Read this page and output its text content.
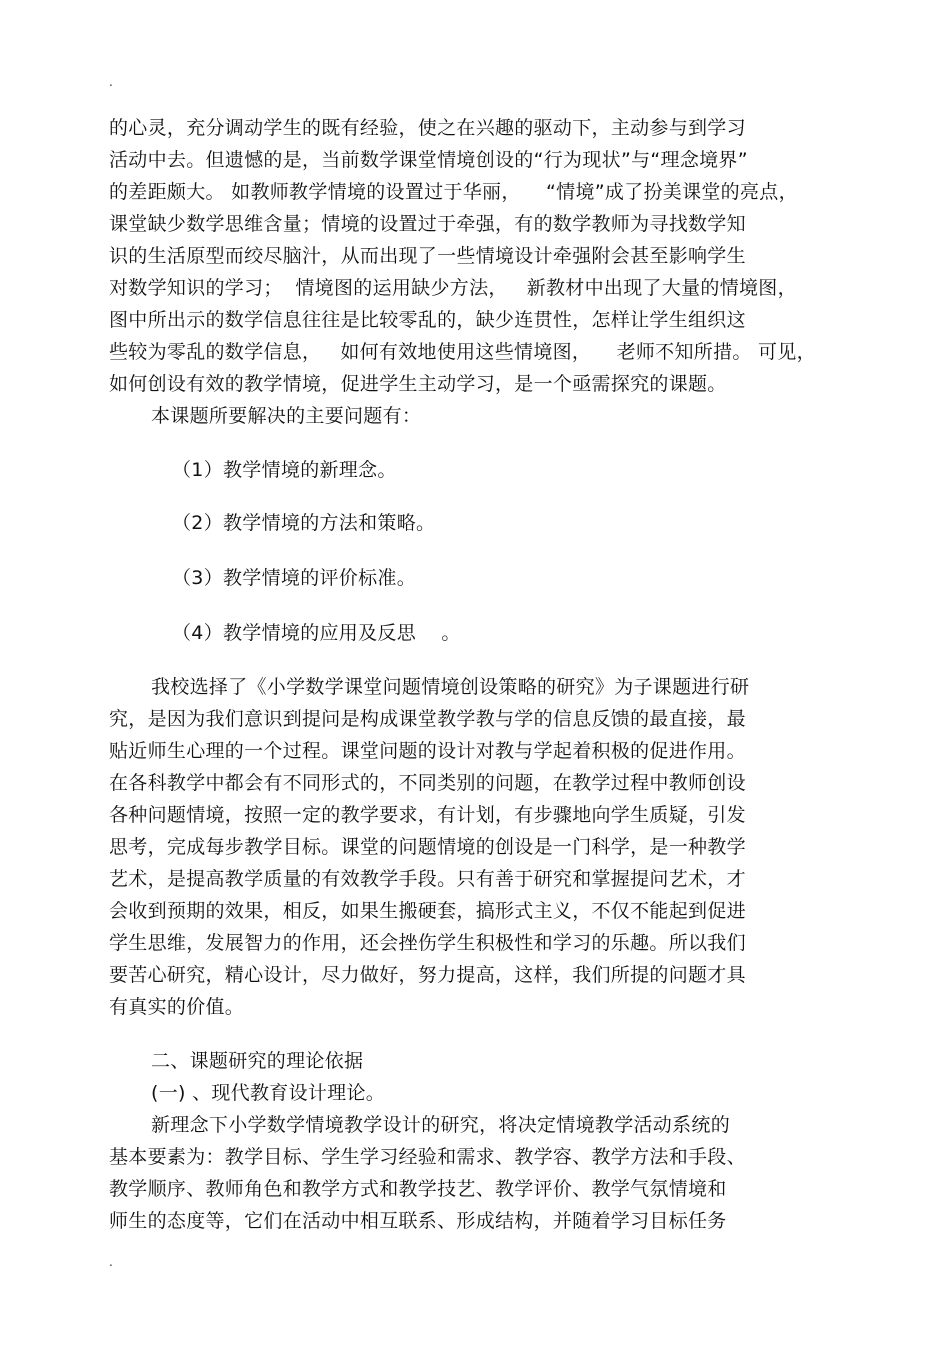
.
的心灵，充分调动学生的既有经验，使之在兴趣的驱动下，主动参与到学习
活动中去。但遗憾的是，当前数学课堂情境创设的“行为现状”与“理念境界”
的差距颇大。 如教师教学情境的设置过于华丽，    “情境”成了扮美课堂的亮点，
课堂缺少数学思维含量；情境的设置过于牵强，有的数学教师为寻找数学知
识的生活原型而绞尽脑汁，从而出现了一些情境设计牵强附会甚至影响学生
对数学知识的学习；  情境图的运用缺少方法，   新教材中出现了大量的情境图，
图中所出示的数学信息往往是比较零乱的，缺少连贯性，怎样让学生组织这
些较为零乱的数学信息，   如何有效地使用这些情境图，    老师不知所措。 可见，
如何创设有效的教学情境，促进学生主动学习，是一个亟需探究的课题。
本课题所要解决的主要问题有：
（1）教学情境的新理念。
（2）教学情境的方法和策略。
（3）教学情境的评价标准。
（4）教学情境的应用及反思    。
我校选择了《小学数学课堂问题情境创设策略的研究》为子课题进行研
究，是因为我们意识到提问是构成课堂教学教与学的信息反馈的最直接，最
贴近师生心理的一个过程。课堂问题的设计对教与学起着积极的促进作用。
在各科教学中都会有不同形式的，不同类别的问题，在教学过程中教师创设
各种问题情境，按照一定的教学要求，有计划，有步骤地向学生质疑，引发
思考，完成每步教学目标。课堂的问题情境的创设是一门科学，是一种教学
艺术，是提高教学质量的有效教学手段。只有善于研究和掌握提问艺术，才
会收到预期的效果，相反，如果生搬硬套，搞形式主义，不仅不能起到促进
学生思维，发展智力的作用，还会挫伤学生积极性和学习的乐趣。所以我们
要苦心研究，精心设计，尽力做好，努力提高，这样，我们所提的问题才具
有真实的价值。
二、课题研究的理论依据
(一) 、现代教育设计理论。
新理念下小学数学情境教学设计的研究，将决定情境教学活动系统的
基本要素为：教学目标、学生学习经验和需求、教学容、教学方法和手段、
教学顺序、教师角色和教学方式和教学技艺、教学评价、教学气氛情境和
师生的态度等，它们在活动中相互联系、形成结构，并随着学习目标任务
.
